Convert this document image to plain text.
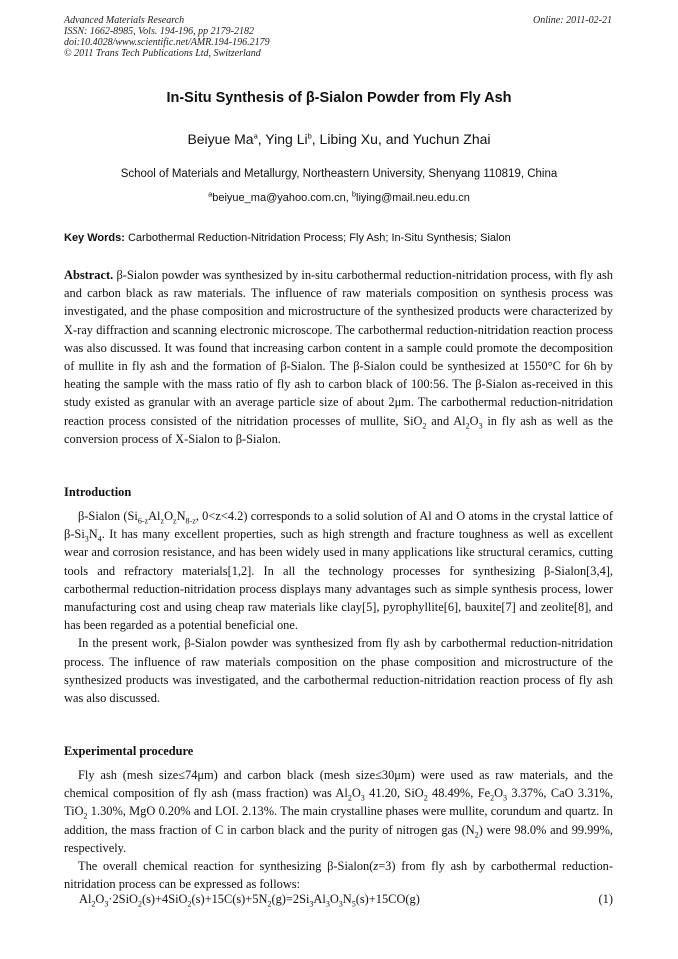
Advanced Materials Research
ISSN: 1662-8985, Vols. 194-196, pp 2179-2182
doi:10.4028/www.scientific.net/AMR.194-196.2179
© 2011 Trans Tech Publications Ltd, Switzerland
Online: 2011-02-21
In-Situ Synthesis of β-Sialon Powder from Fly Ash
Beiyue Ma$^a$, Ying Li$^b$, Libing Xu, and Yuchun Zhai
School of Materials and Metallurgy, Northeastern University, Shenyang 110819, China
$^a$beiyue_ma@yahoo.com.cn, $^b$liying@mail.neu.edu.cn
Key Words: Carbothermal Reduction-Nitridation Process; Fly Ash; In-Situ Synthesis; Sialon
Abstract. β-Sialon powder was synthesized by in-situ carbothermal reduction-nitridation process, with fly ash and carbon black as raw materials. The influence of raw materials composition on synthesis process was investigated, and the phase composition and microstructure of the synthesized products were characterized by X-ray diffraction and scanning electronic microscope. The carbothermal reduction-nitridation reaction process was also discussed. It was found that increasing carbon content in a sample could promote the decomposition of mullite in fly ash and the formation of β-Sialon. The β-Sialon could be synthesized at 1550°C for 6h by heating the sample with the mass ratio of fly ash to carbon black of 100:56. The β-Sialon as-received in this study existed as granular with an average particle size of about 2μm. The carbothermal reduction-nitridation reaction process consisted of the nitridation processes of mullite, SiO$_2$ and $Al_2O_3$ in fly ash as well as the conversion process of X-Sialon to β-Sialon.
Introduction

β-Sialon ($Si_{6-z}Al_zO_zN_{8-z}$, 0<z<4.2) corresponds to a solid solution of Al and O atoms in the crystal lattice of $\beta-Si_3N_4$. It has many excellent properties, such as high strength and fracture toughness as well as excellent wear and corrosion resistance, and has been widely used in many applications like structural ceramics, cutting tools and refractory materials[1,2]. In all the technology processes for synthesizing β-Sialon[3,4], carbothermal reduction-nitridation process displays many advantages such as simple synthesis process, lower manufacturing cost and using cheap raw materials like clay[5], pyrophyllite[6], bauxite[7] and zeolite[8], and has been regarded as a potential beneficial one.

In the present work, β-Sialon powder was synthesized from fly ash by carbothermal reduction-nitridation process. The influence of raw materials composition on the phase composition and microstructure of the synthesized products was investigated, and the carbothermal reduction-nitridation reaction process of fly ash was also discussed.

Experimental procedure

Fly ash (mesh size≤74μm) and carbon black (mesh size≤30μm) were used as raw materials, and the chemical composition of fly ash (mass fraction) was $Al_2O_3$ 41.20, SiO$_2$ 48.49%, $Fe_2O_3$ 3.37%, CaO 3.31%, TiO$_2$ 1.30%, MgO 0.20% and LOI. 2.13%. The main crystalline phases were mullite, corundum and quartz. In addition, the mass fraction of C in carbon black and the purity of nitrogen gas $(N_2)$ were 98.0% and 99.99%, respectively.

The overall chemical reaction for synthesizing β-Sialon(z=3) from fly ash by carbothermal reduction-nitridation process can be expressed as follows:

$Al_2O_3\cdot 2SiO_2(s)+4SiO_2(s)+15C(s)+5N_2(g)=2Si_3Al_3O_3N_5(s)+15CO(g)$	(1)
